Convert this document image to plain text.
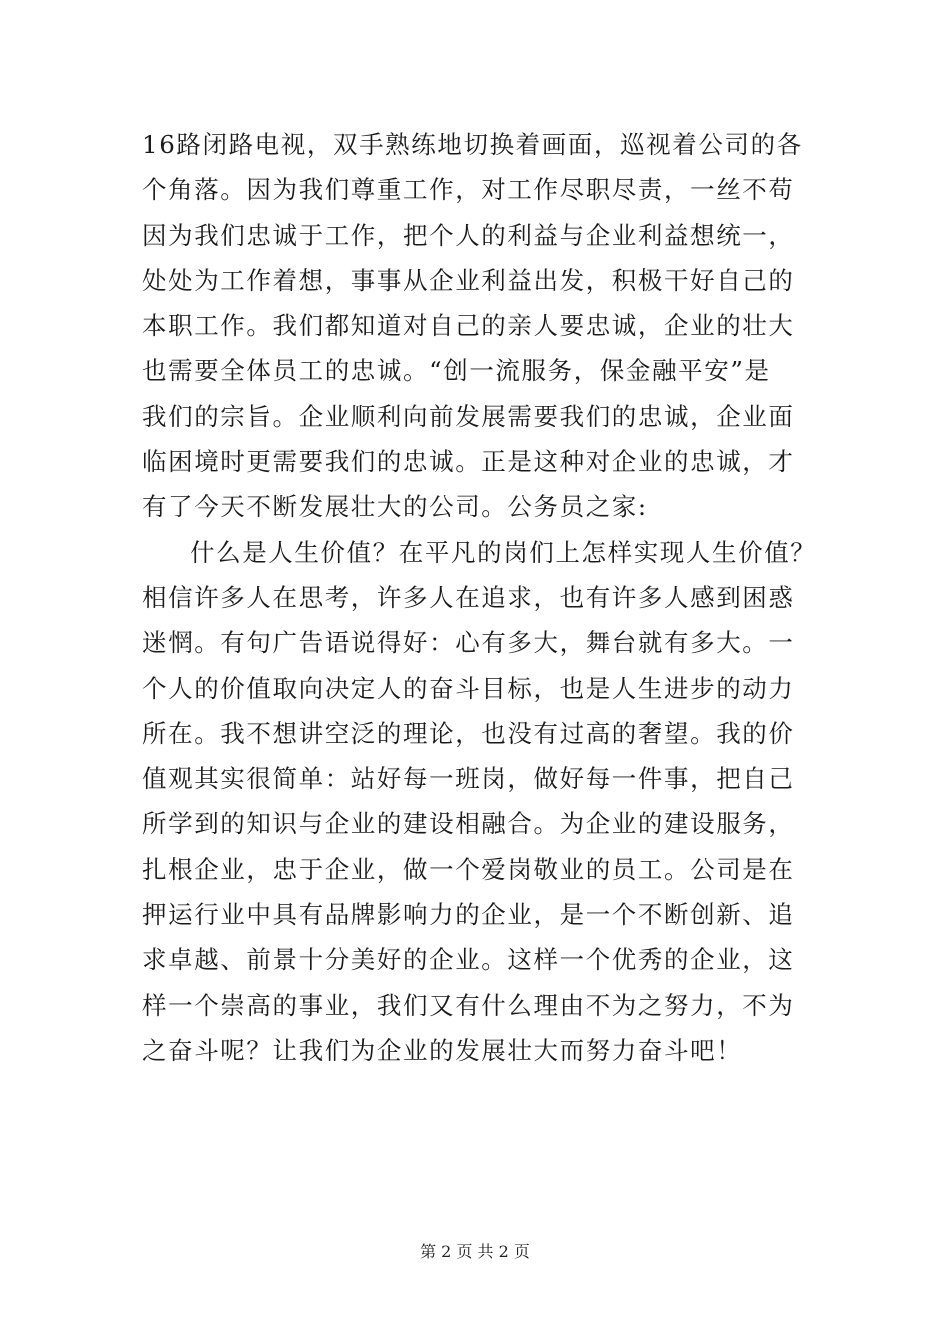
16路闭路电视，双手熟练地切换着画面，巡视着公司的各
个角落。因为我们尊重工作，对工作尽职尽责，一丝不苟
因为我们忠诚于工作，把个人的利益与企业利益想统一，
处处为工作着想，事事从企业利益出发，积极干好自己的
本职工作。我们都知道对自己的亲人要忠诚，企业的壮大
也需要全体员工的忠诚。“创一流服务，保金融平安”是
我们的宗旨。企业顺利向前发展需要我们的忠诚，企业面
临困境时更需要我们的忠诚。正是这种对企业的忠诚，才
有了今天不断发展壮大的公司。公务员之家:
什么是人生价值？在平凡的岗们上怎样实现人生价值？
相信许多人在思考，许多人在追求，也有许多人感到困惑
迷惘。有句广告语说得好：心有多大，舞台就有多大。一
个人的价值取向决定人的奋斗目标，也是人生进步的动力
所在。我不想讲空泛的理论，也没有过高的奢望。我的价
值观其实很简单：站好每一班岗，做好每一件事，把自己
所学到的知识与企业的建设相融合。为企业的建设服务，
扎根企业，忠于企业，做一个爱岗敬业的员工。公司是在
押运行业中具有品牌影响力的企业，是一个不断创新、追
求卓越、前景十分美好的企业。这样一个优秀的企业，这
样一个崇高的事业，我们又有什么理由不为之努力，不为
之奋斗呢？让我们为企业的发展壮大而努力奋斗吧！
第 2 页 共 2 页
